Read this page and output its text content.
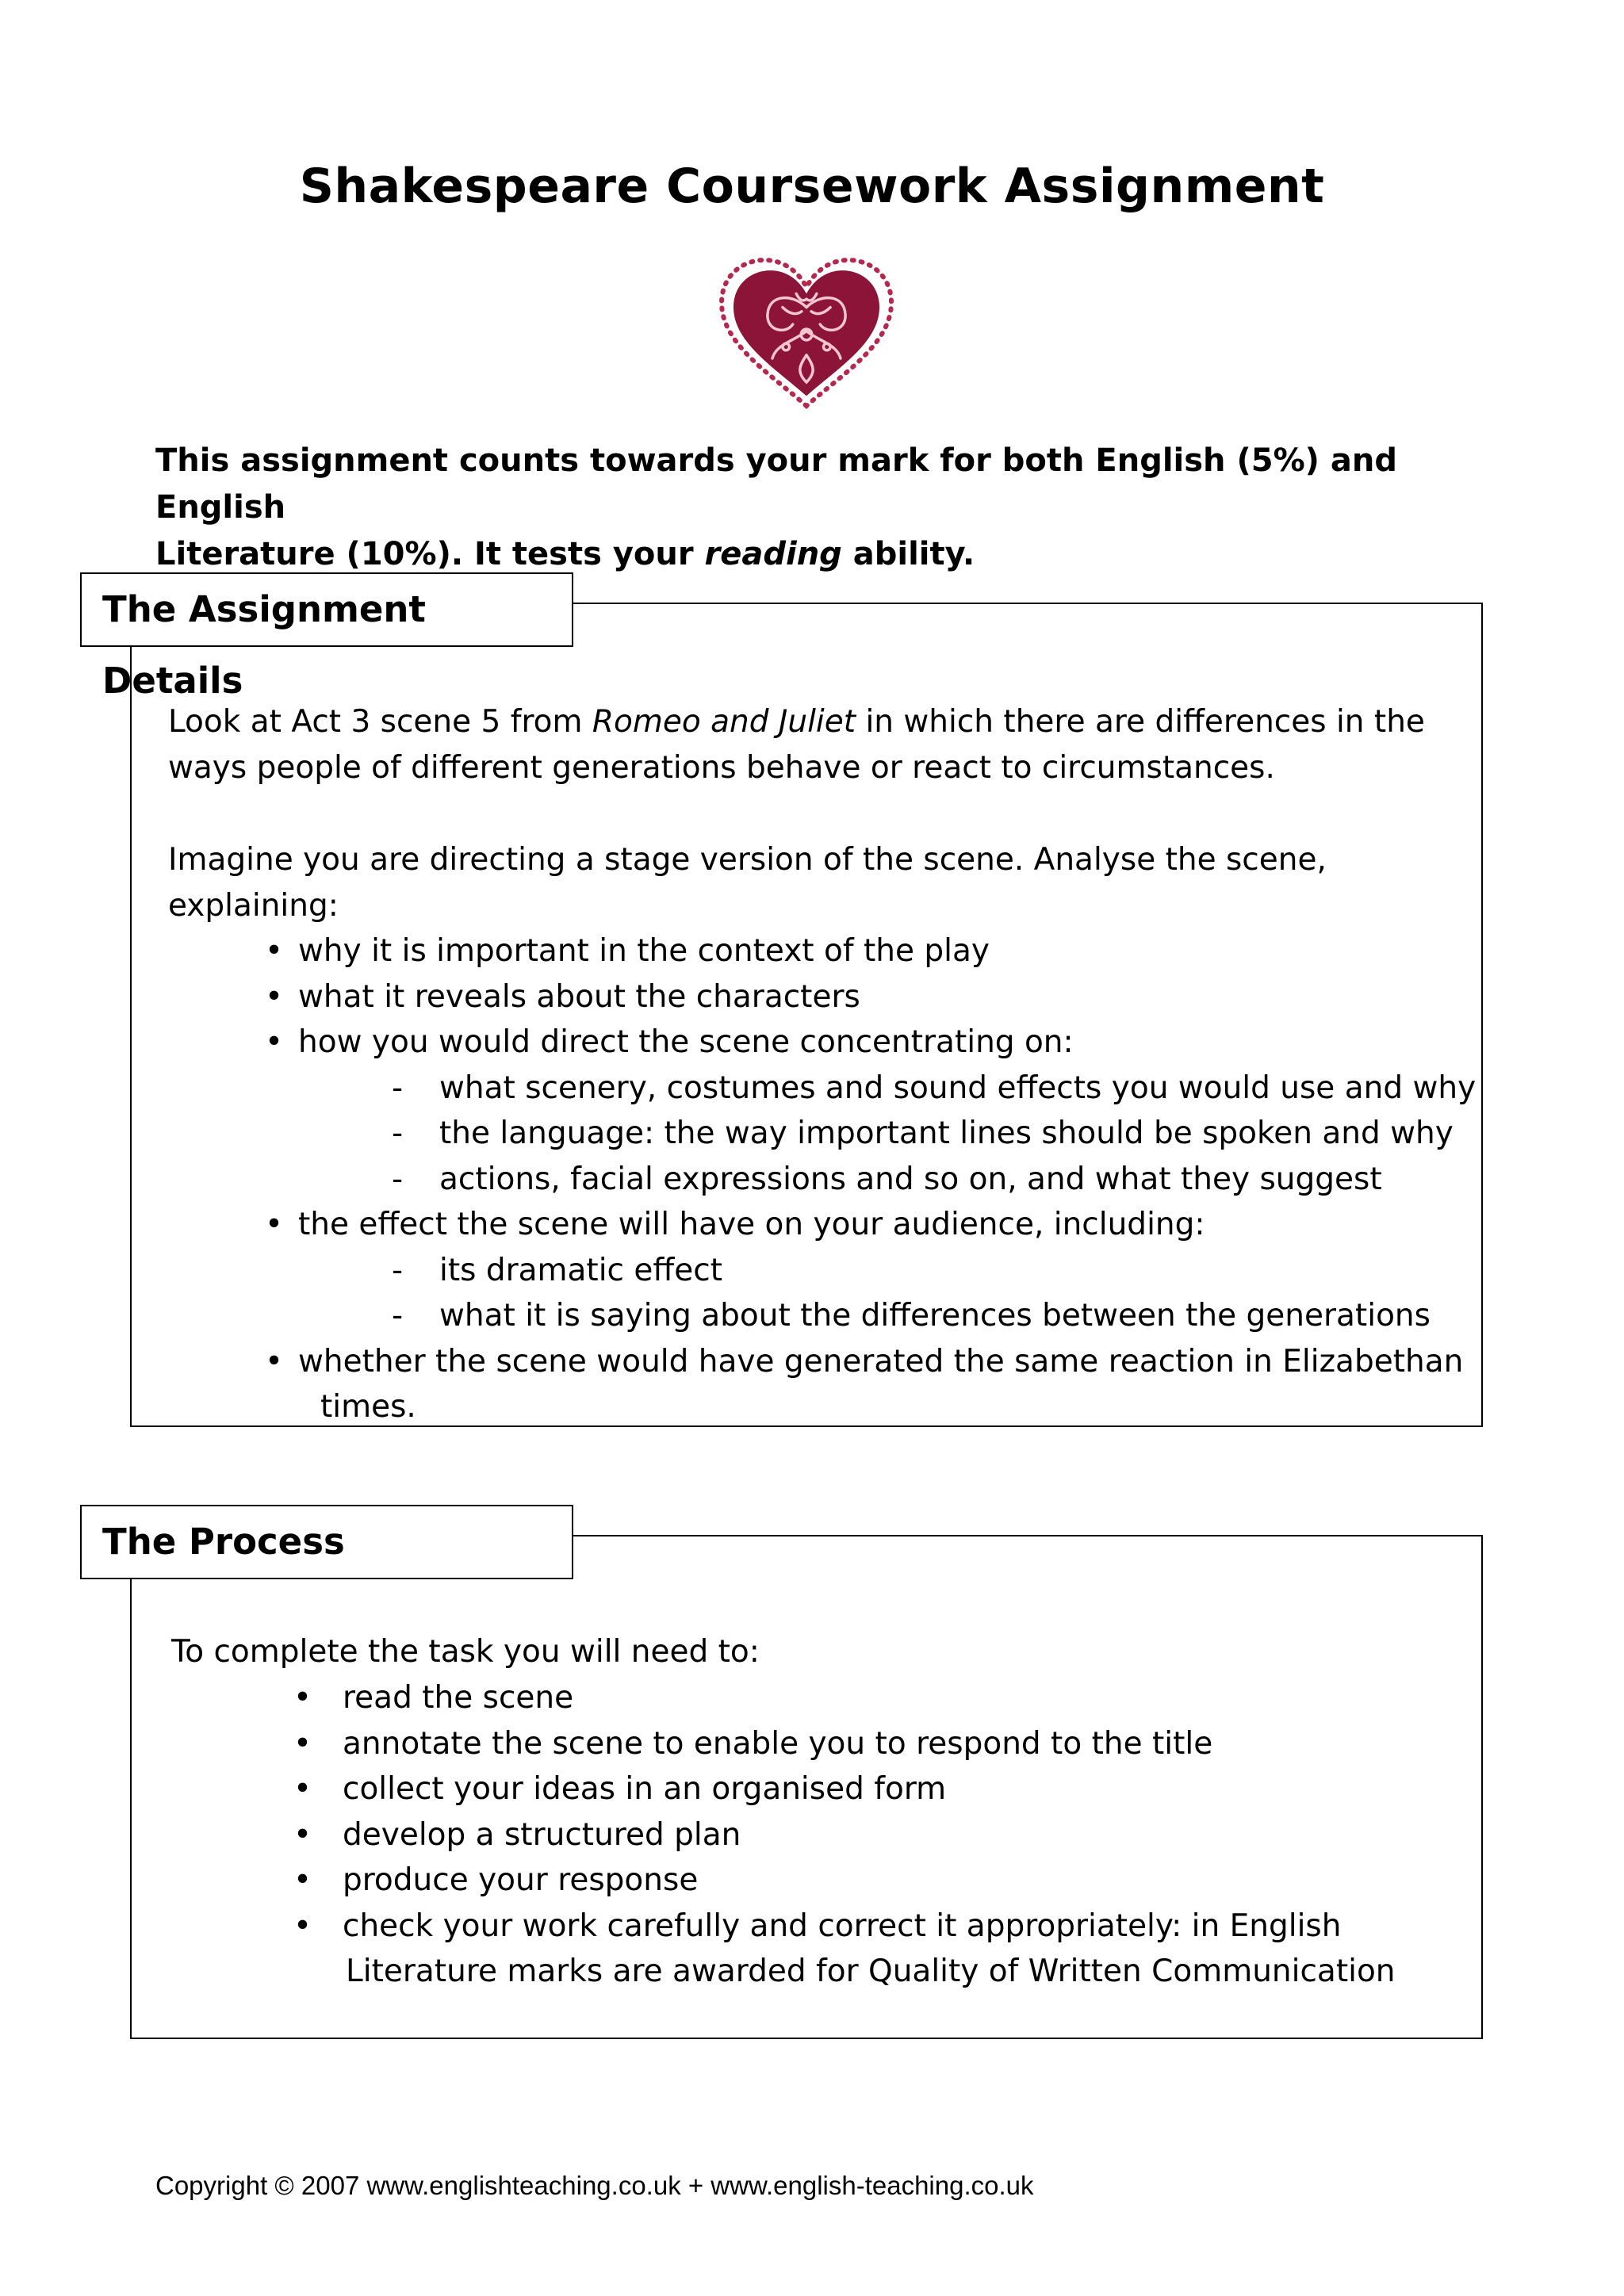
Shakespeare Coursework Assignment
This assignment counts towards your mark for both English (5%) and English
Literature (10%). It tests your reading ability.
The Assignment Details
Look at Act 3 scene 5 from Romeo and Juliet in which there are differences in the
ways people of different generations behave or react to circumstances.
Imagine you are directing a stage version of the scene. Analyse the scene,
explaining:
• why it is important in the context of the play
• what it reveals about the characters
• how you would direct the scene concentrating on:
- what scenery, costumes and sound effects you would use and why
- the language: the way important lines should be spoken and why
- actions, facial expressions and so on, and what they suggest
• the effect the scene will have on your audience, including:
- its dramatic effect
- what it is saying about the differences between the generations
• whether the scene would have generated the same reaction in Elizabethan
times.
The Process
To complete the task you will need to:
• read the scene
• annotate the scene to enable you to respond to the title
• collect your ideas in an organised form
• develop a structured plan
• produce your response
• check your work carefully and correct it appropriately: in English
Literature marks are awarded for Quality of Written Communication
Copyright © 2007 www.englishteaching.co.uk + www.english-teaching.co.uk
